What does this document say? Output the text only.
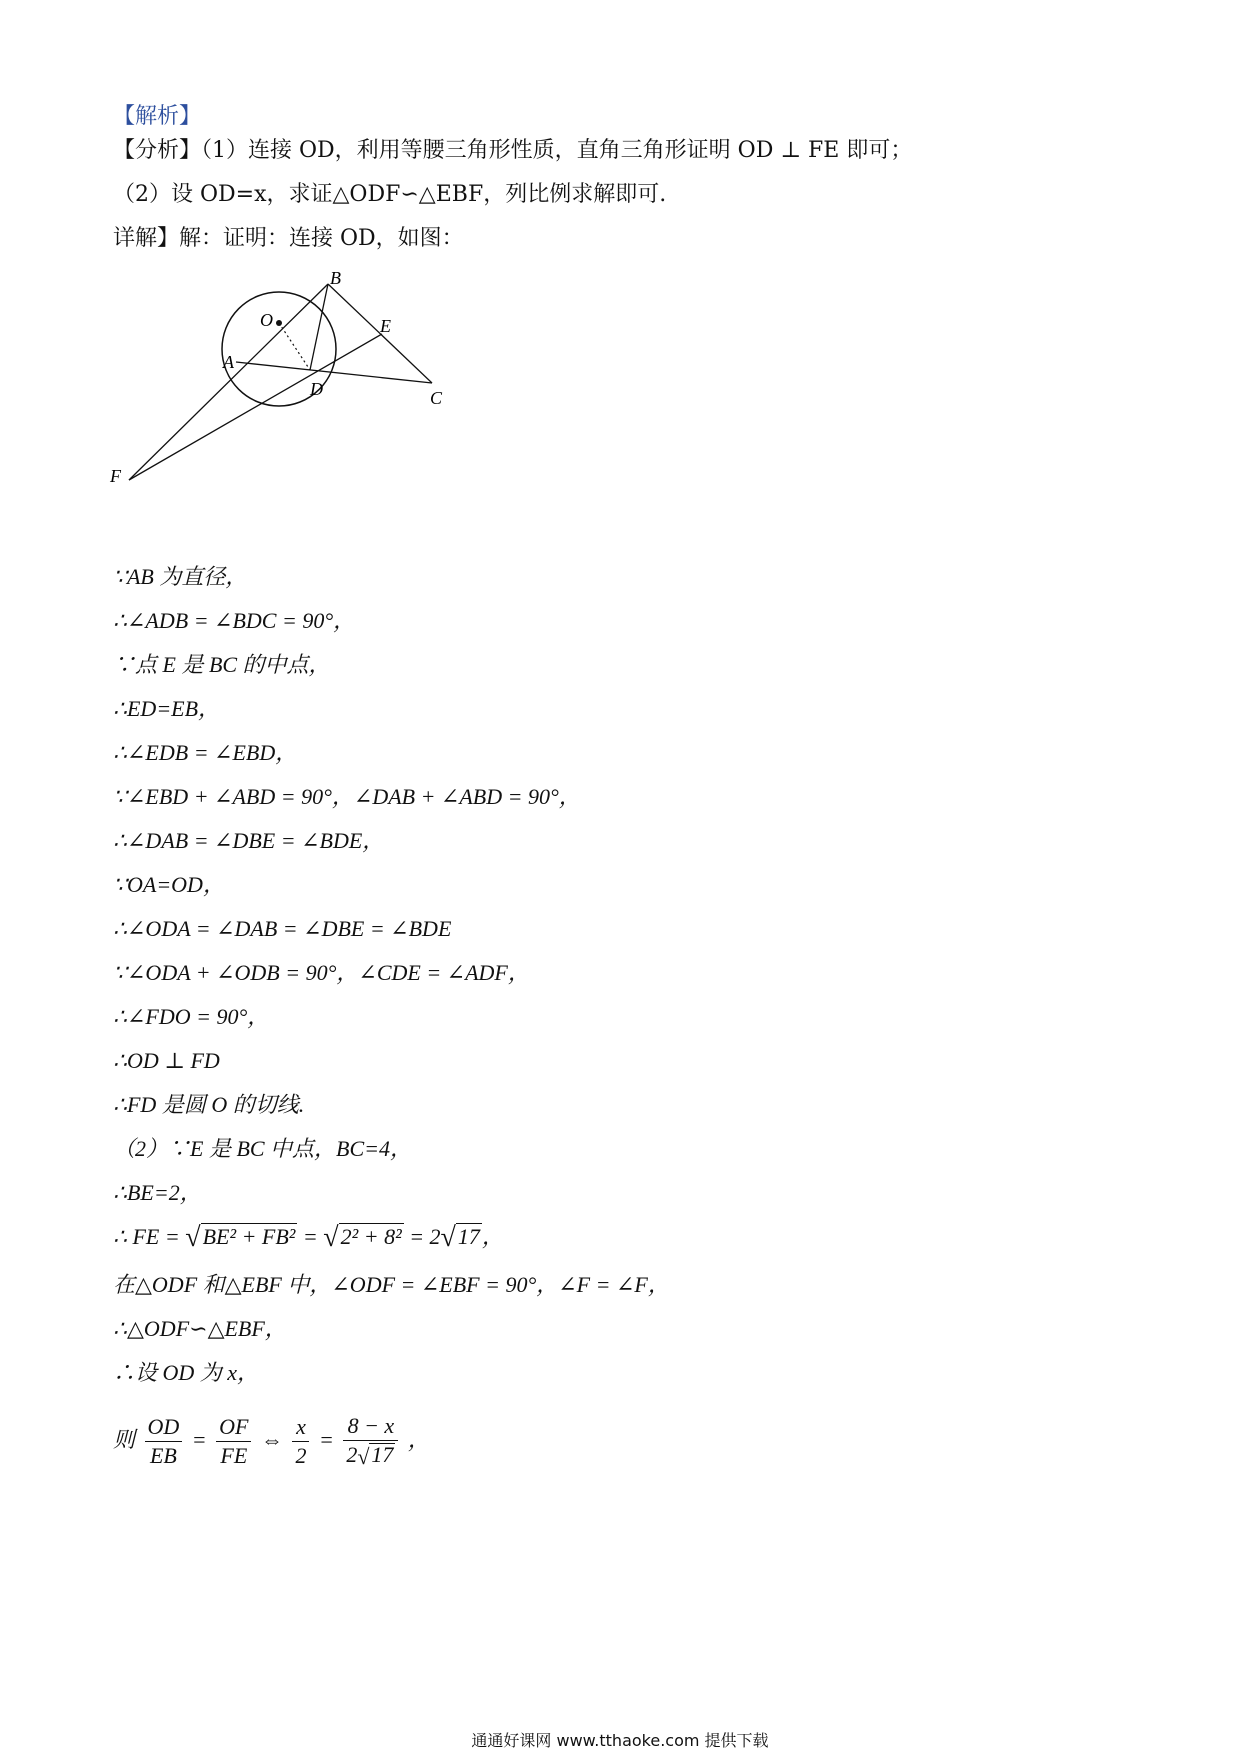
【解析】
【分析】（1）连接 OD，利用等腰三角形性质，直角三角形证明 OD ⊥ FE 即可；
（2）设 OD=x，求证△ODF∽△EBF，列比例求解即可.
详解】解：证明：连接 OD，如图：
B
O	E
A
D	C
F
∵AB 为直径，
∴∠ADB = ∠BDC = 90°，
∵点 E 是 BC 的中点，
∴ED=EB，
∴∠EDB = ∠EBD，
∵∠EBD + ∠ABD = 90°，∠DAB + ∠ABD = 90°，
∴∠DAB = ∠DBE = ∠BDE，
∵OA=OD，
∴∠ODA = ∠DAB = ∠DBE = ∠BDE
∵∠ODA + ∠ODB = 90°，∠CDE = ∠ADF，
∴∠FDO = 90°，
∴OD ⊥ FD
∴FD 是圆 O 的切线.
（2）∵E 是 BC 中点，BC=4，
∴BE=2，
∴ FE = √BE² + FB² = √2² + 8² = 2√17，
在△ODF 和△EBF 中，∠ODF = ∠EBF = 90°，∠F = ∠F，
∴△ODF∽△EBF，
∴设 OD 为 x，
则 $\frac{OD}{EB} = \frac{OF}{FE}$ ⇔ $\frac{x}{2} = \frac{8 - x}{2√17}$ ，
通通好课网 www.tthaoke.com 提供下载
